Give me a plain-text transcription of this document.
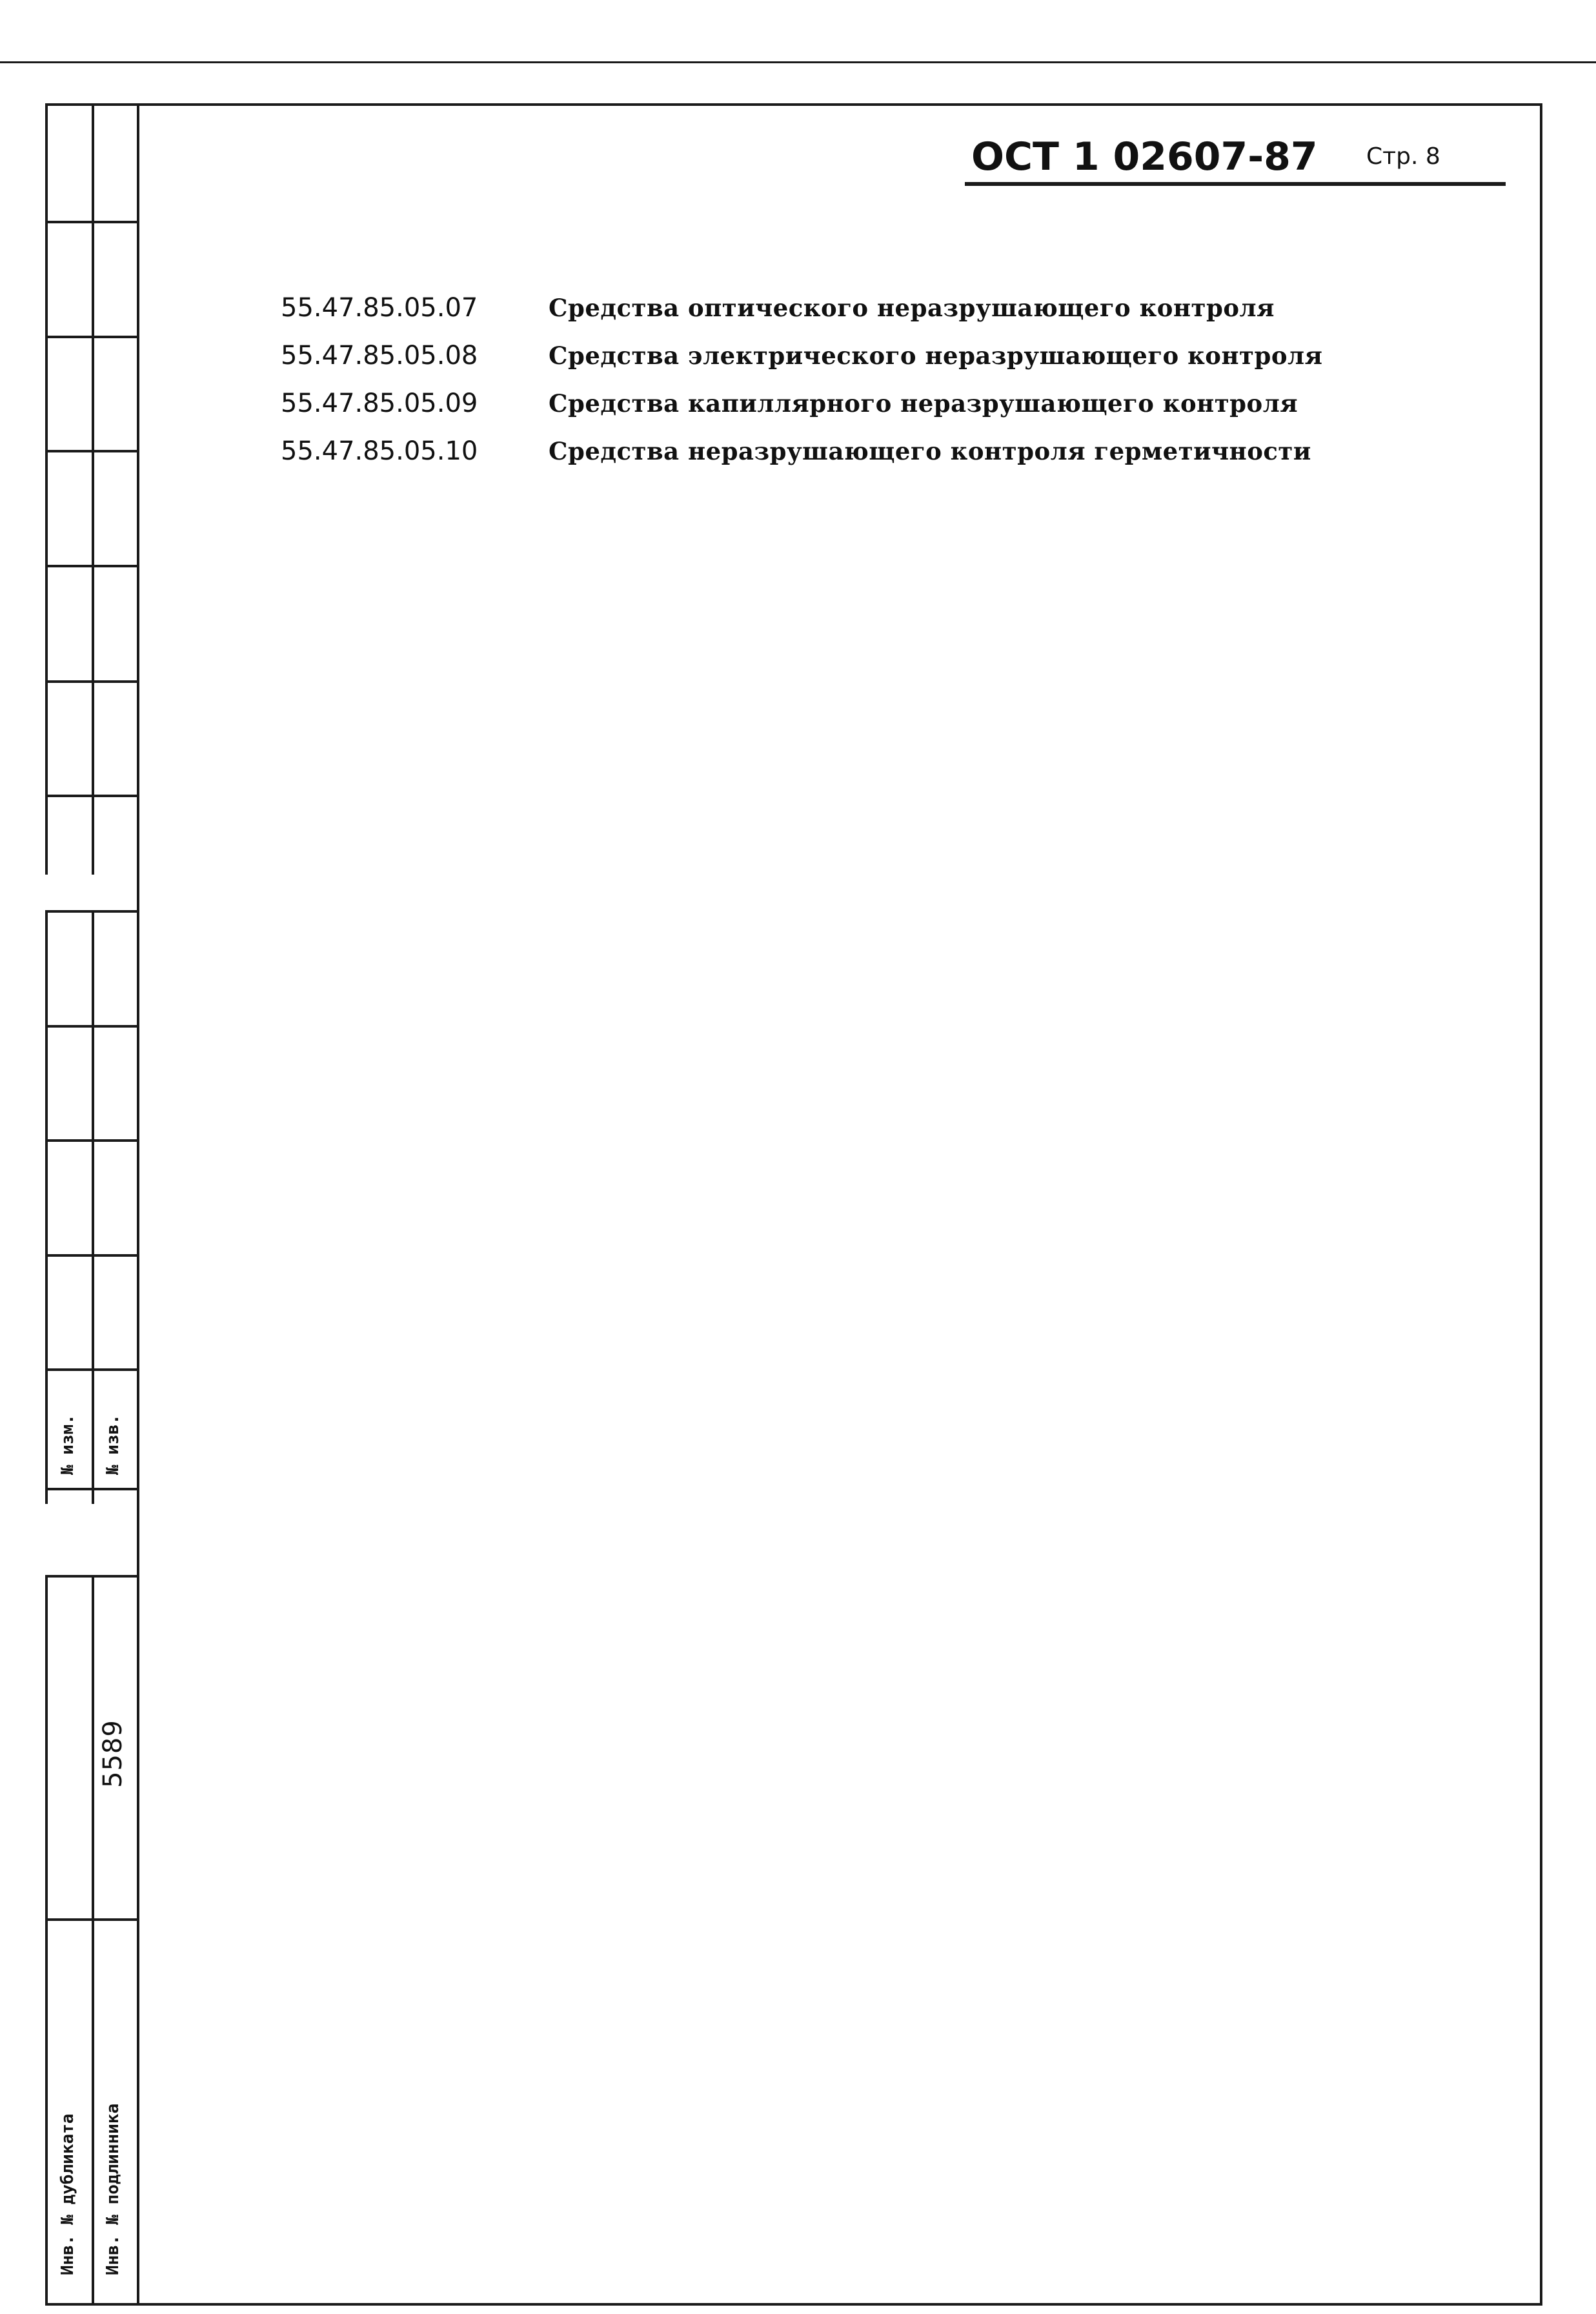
№ изм. № изв.
5589
Инв. № дубликата Инв. № подлинника
ОСТ 1 02607-87 Стр. 8
55.47.85.05.07	Средства оптического неразрушающего контроля
55.47.85.05.08	Средства электрического неразрушающего контроля
55.47.85.05.09	Средства капиллярного неразрушающего контроля
55.47.85.05.10	Средства неразрушающего контроля герметичности
